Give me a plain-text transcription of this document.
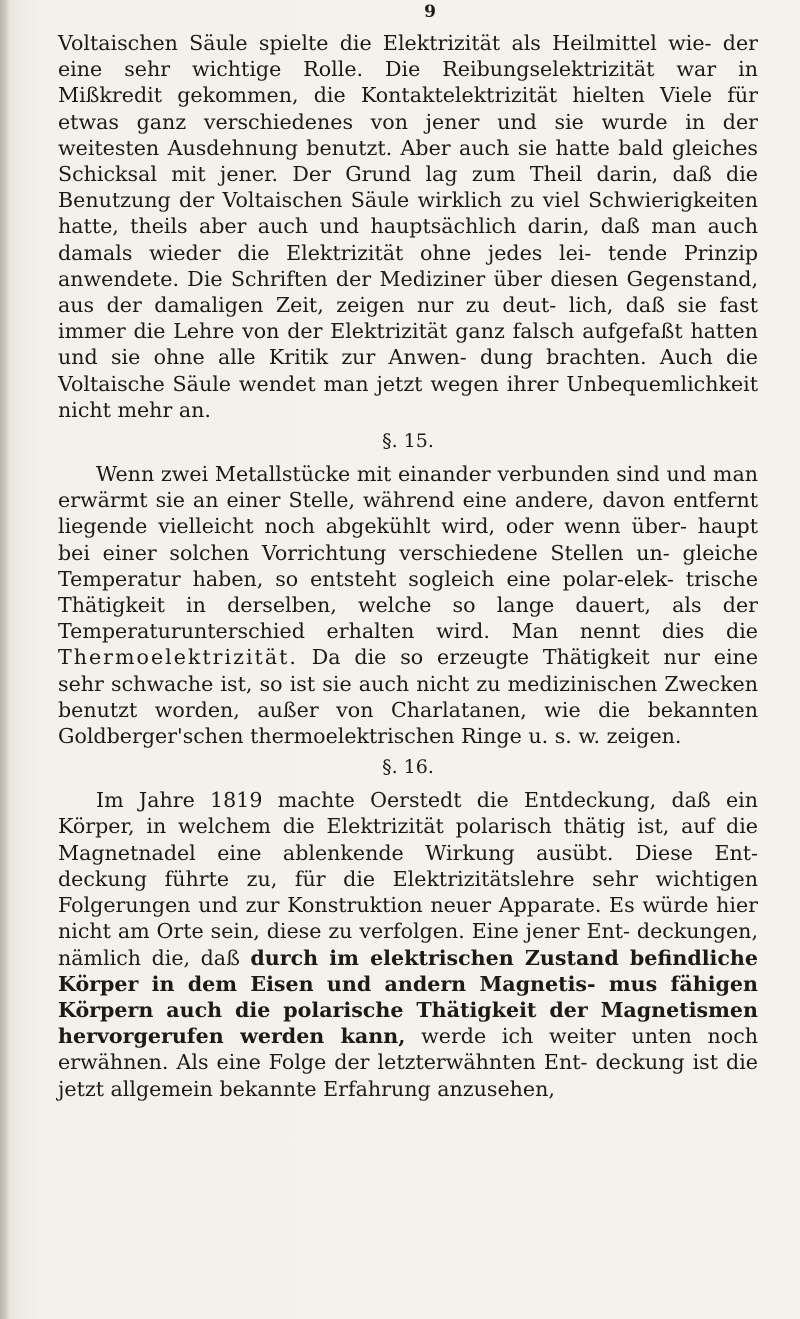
9

Voltaischen Säule spielte die Elektrizität als Heilmittel wie- der eine sehr wichtige Rolle. Die Reibungselektrizität war in Mißkredit gekommen, die Kontaktelektrizität hielten Viele für etwas ganz verschiedenes von jener und sie wurde in der weitesten Ausdehnung benutzt. Aber auch sie hatte bald gleiches Schicksal mit jener. Der Grund lag zum Theil darin, daß die Benutzung der Voltaischen Säule wirklich zu viel Schwierigkeiten hatte, theils aber auch und hauptsächlich darin, daß man auch damals wieder die Elektrizität ohne jedes lei- tende Prinzip anwendete. Die Schriften der Mediziner über diesen Gegenstand, aus der damaligen Zeit, zeigen nur zu deut- lich, daß sie fast immer die Lehre von der Elektrizität ganz falsch aufgefaßt hatten und sie ohne alle Kritik zur Anwen- dung brachten. Auch die Voltaische Säule wendet man jetzt wegen ihrer Unbequemlichkeit nicht mehr an.

§. 15.

Wenn zwei Metallstücke mit einander verbunden sind und man erwärmt sie an einer Stelle, während eine andere, davon entfernt liegende vielleicht noch abgekühlt wird, oder wenn über- haupt bei einer solchen Vorrichtung verschiedene Stellen un- gleiche Temperatur haben, so entsteht sogleich eine polar-elek- trische Thätigkeit in derselben, welche so lange dauert, als der Temperaturunterschied erhalten wird. Man nennt dies die Thermoelektrizität. Da die so erzeugte Thätigkeit nur eine sehr schwache ist, so ist sie auch nicht zu medizinischen Zwecken benutzt worden, außer von Charlatanen, wie die bekannten Goldberger'schen thermoelektrischen Ringe u. s. w. zeigen.

§. 16.

Im Jahre 1819 machte Oerstedt die Entdeckung, daß ein Körper, in welchem die Elektrizität polarisch thätig ist, auf die Magnetnadel eine ablenkende Wirkung ausübt. Diese Ent- deckung führte zu, für die Elektrizitätslehre sehr wichtigen Folgerungen und zur Konstruktion neuer Apparate. Es würde hier nicht am Orte sein, diese zu verfolgen. Eine jener Ent- deckungen, nämlich die, daß durch im elektrischen Zustand befindliche Körper in dem Eisen und andern Magnetis- mus fähigen Körpern auch die polarische Thätigkeit der Magnetismen hervorgerufen werden kann, werde ich weiter unten noch erwähnen. Als eine Folge der letzterwähnten Ent- deckung ist die jetzt allgemein bekannte Erfahrung anzusehen,
